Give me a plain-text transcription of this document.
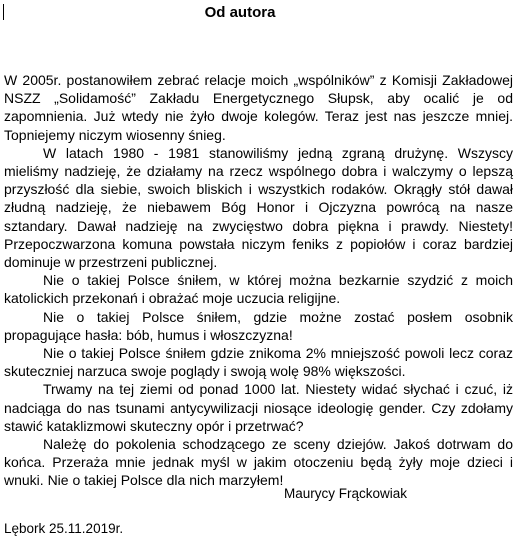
Od autora

W 2005r. postanowiłem zebrać relacje moich „wspólników” z Komisji Zakładowej NSZZ „Solidamość” Zakładu Energetycznego Słupsk, aby ocalić je od zapomnienia. Już wtedy nie żyło dwoje kolegów. Teraz jest nas jeszcze mniej. Topniejemy niczym wiosenny śnieg.

W latach 1980 - 1981 stanowiliśmy jedną zgraną drużynę. Wszyscy mieliśmy nadzieję, że działamy na rzecz wspólnego dobra i walczymy o lepszą przyszłość dla siebie, swoich bliskich i wszystkich rodaków. Okrągły stół dawał złudną nadzieję, że niebawem Bóg Honor i Ojczyzna powrócą na nasze sztandary. Dawał nadzieję na zwycięstwo dobra piękna i prawdy. Niestety! Przepoczwarzona komuna powstała niczym feniks z popiołów i coraz bardziej dominuje w przestrzeni publicznej.

Nie o takiej Polsce śniłem, w której można bezkarnie szydzić z moich katolickich przekonań i obrażać moje uczucia religijne.

Nie o takiej Polsce śniłem, gdzie możne zostać posłem osobnik propagujące hasła: bób, humus i włoszczyzna!

Nie o takiej Polsce śniłem gdzie znikoma 2% mniejszość powoli lecz coraz skuteczniej narzuca swoje poglądy i swoją wolę 98% większości.

Trwamy na tej ziemi od ponad 1000 lat. Niestety widać słychać i czuć, iż nadciąga do nas tsunami antycywilizacji niosące ideologię gender. Czy zdołamy stawić kataklizmowi skuteczny opór i przetrwać?

Należę do pokolenia schodzącego ze sceny dziejów. Jakoś dotrwam do końca. Przeraża mnie jednak myśl w jakim otoczeniu będą żyły moje dzieci i wnuki. Nie o takiej Polsce dla nich marzyłem!

Maurycy Frąckowiak
Lębork 25.11.2019r.
